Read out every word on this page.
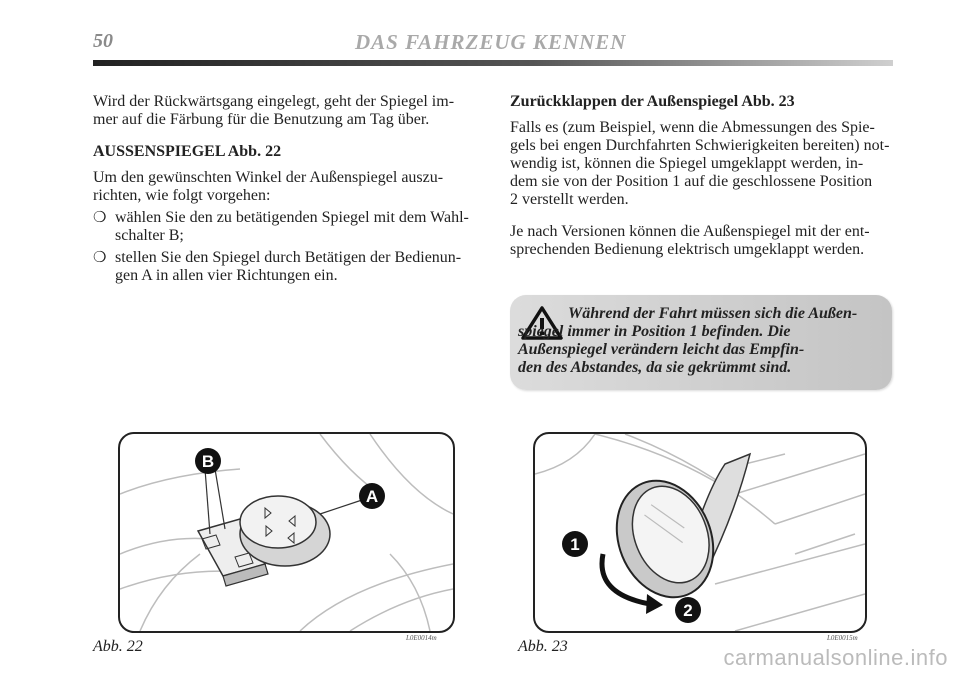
50	DAS FAHRZEUG KENNEN

Wird der Rückwärtsgang eingelegt, geht der Spiegel im-
mer auf die Färbung für die Benutzung am Tag über.

AUSSENSPIEGEL Abb. 22

Um den gewünschten Winkel der Außenspiegel auszu-
richten, wie folgt vorgehen:

❍ wählen Sie den zu betätigenden Spiegel mit dem Wahl-
schalter B;
❍ stellen Sie den Spiegel durch Betätigen der Bedienun-
gen A in allen vier Richtungen ein.

Zurückklappen der Außenspiegel Abb. 23

Falls es (zum Beispiel, wenn die Abmessungen des Spie-
gels bei engen Durchfahrten Schwierigkeiten bereiten) not-
wendig ist, können die Spiegel umgeklappt werden, in-
dem sie von der Position 1 auf die geschlossene Position
2 verstellt werden.

Je nach Versionen können die Außenspiegel mit der ent-
sprechenden Bedienung elektrisch umgeklappt werden.

Während der Fahrt müssen sich die Außen-
spiegel immer in Position 1 befinden. Die
Außenspiegel verändern leicht das Empfin-
den des Abstandes, da sie gekrümmt sind.
B
A
Abb. 22	L0E0014m
1
2
Abb. 23	L0E0015m
carmanualsonline.info
